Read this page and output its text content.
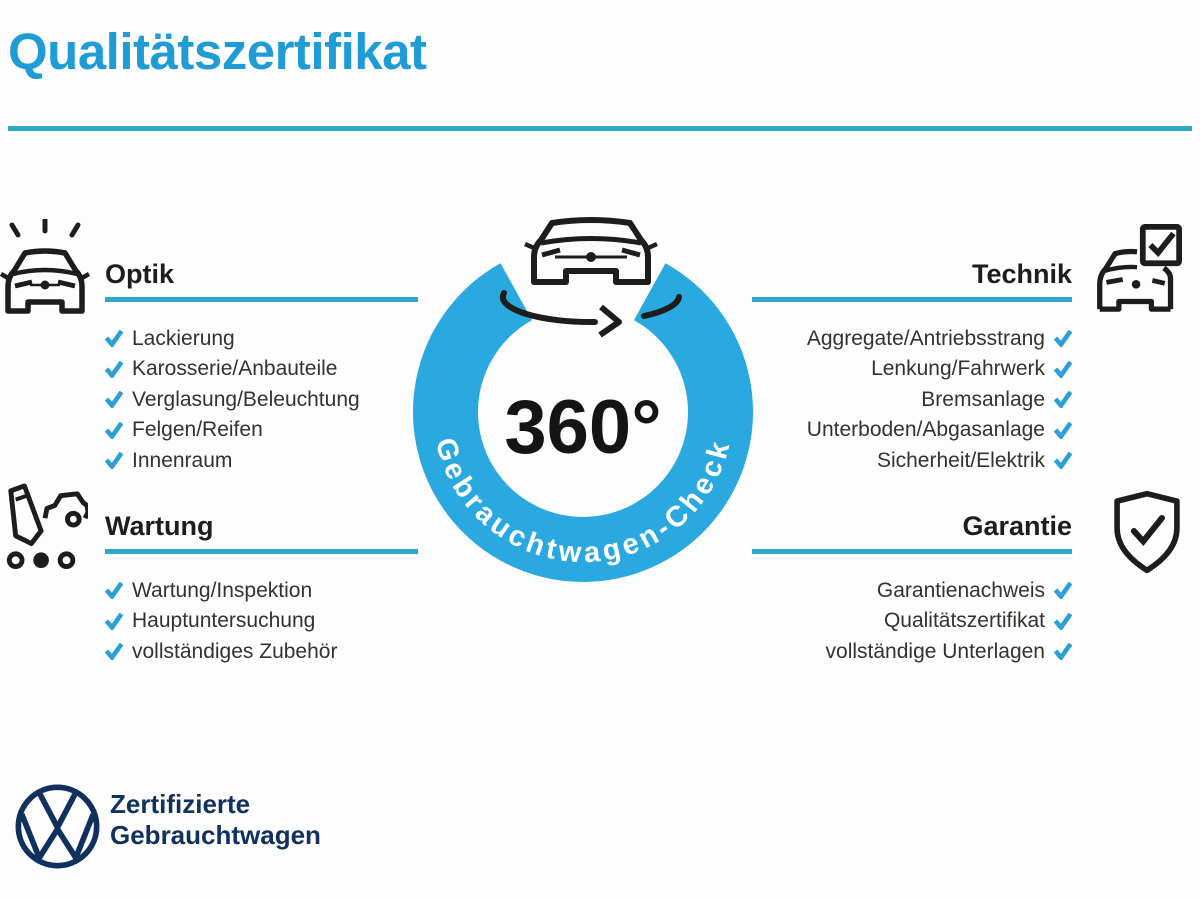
Qualitätszertifikat
Optik
Lackierung
Karosserie/Anbauteile
Verglasung/Beleuchtung
Felgen/Reifen
Innenraum
Technik
Aggregate/Antriebsstrang
Lenkung/Fahrwerk
Bremsanlage
Unterboden/Abgasanlage
Sicherheit/Elektrik
Wartung
Wartung/Inspektion
Hauptuntersuchung
vollständiges Zubehör
Garantie
Garantienachweis
Qualitätszertifikat
vollständige Unterlagen
Gebrauchtwagen-Check
360°
Zertifizierte
Gebrauchtwagen
